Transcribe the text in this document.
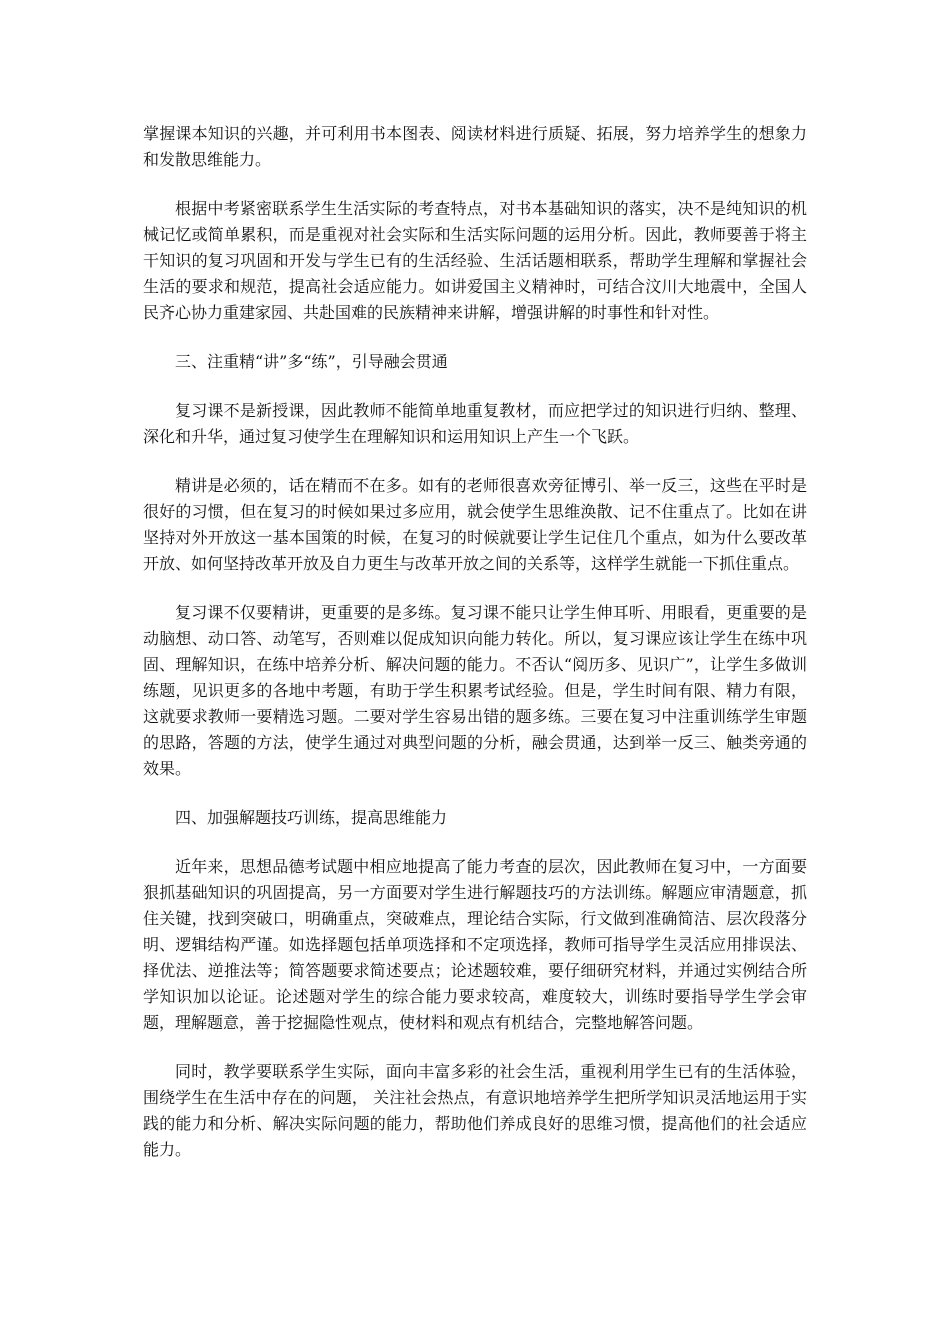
掌握课本知识的兴趣，并可利用书本图表、阅读材料进行质疑、拓展，努力培养学生的想象力和发散思维能力。

根据中考紧密联系学生生活实际的考查特点，对书本基础知识的落实，决不是纯知识的机械记忆或简单累积，而是重视对社会实际和生活实际问题的运用分析。因此，教师要善于将主干知识的复习巩固和开发与学生已有的生活经验、生活话题相联系，帮助学生理解和掌握社会生活的要求和规范，提高社会适应能力。如讲爱国主义精神时，可结合汶川大地震中，全国人民齐心协力重建家园、共赴国难的民族精神来讲解，增强讲解的时事性和针对性。

三、注重精“讲”多“练”，引导融会贯通

复习课不是新授课，因此教师不能简单地重复教材，而应把学过的知识进行归纳、整理、深化和升华，通过复习使学生在理解知识和运用知识上产生一个飞跃。

精讲是必须的，话在精而不在多。如有的老师很喜欢旁征博引、举一反三，这些在平时是很好的习惯，但在复习的时候如果过多应用，就会使学生思维涣散、记不住重点了。比如在讲坚持对外开放这一基本国策的时候，在复习的时候就要让学生记住几个重点，如为什么要改革开放、如何坚持改革开放及自力更生与改革开放之间的关系等，这样学生就能一下抓住重点。

复习课不仅要精讲，更重要的是多练。复习课不能只让学生伸耳听、用眼看，更重要的是动脑想、动口答、动笔写，否则难以促成知识向能力转化。所以，复习课应该让学生在练中巩固、理解知识，在练中培养分析、解决问题的能力。不否认“阅历多、见识广”，让学生多做训练题，见识更多的各地中考题，有助于学生积累考试经验。但是，学生时间有限、精力有限，这就要求教师一要精选习题。二要对学生容易出错的题多练。三要在复习中注重训练学生审题的思路，答题的方法，使学生通过对典型问题的分析，融会贯通，达到举一反三、触类旁通的效果。

四、加强解题技巧训练，提高思维能力

近年来，思想品德考试题中相应地提高了能力考查的层次，因此教师在复习中，一方面要狠抓基础知识的巩固提高，另一方面要对学生进行解题技巧的方法训练。解题应审清题意，抓住关键，找到突破口，明确重点，突破难点，理论结合实际，行文做到准确简洁、层次段落分明、逻辑结构严谨。如选择题包括单项选择和不定项选择，教师可指导学生灵活应用排误法、择优法、逆推法等；简答题要求简述要点；论述题较难，要仔细研究材料，并通过实例结合所学知识加以论证。论述题对学生的综合能力要求较高，难度较大，训练时要指导学生学会审题，理解题意，善于挖掘隐性观点，使材料和观点有机结合，完整地解答问题。

同时，教学要联系学生实际，面向丰富多彩的社会生活，重视利用学生已有的生活体验，围绕学生在生活中存在的问题， 关注社会热点，有意识地培养学生把所学知识灵活地运用于实践的能力和分析、解决实际问题的能力，帮助他们养成良好的思维习惯，提高他们的社会适应能力。
